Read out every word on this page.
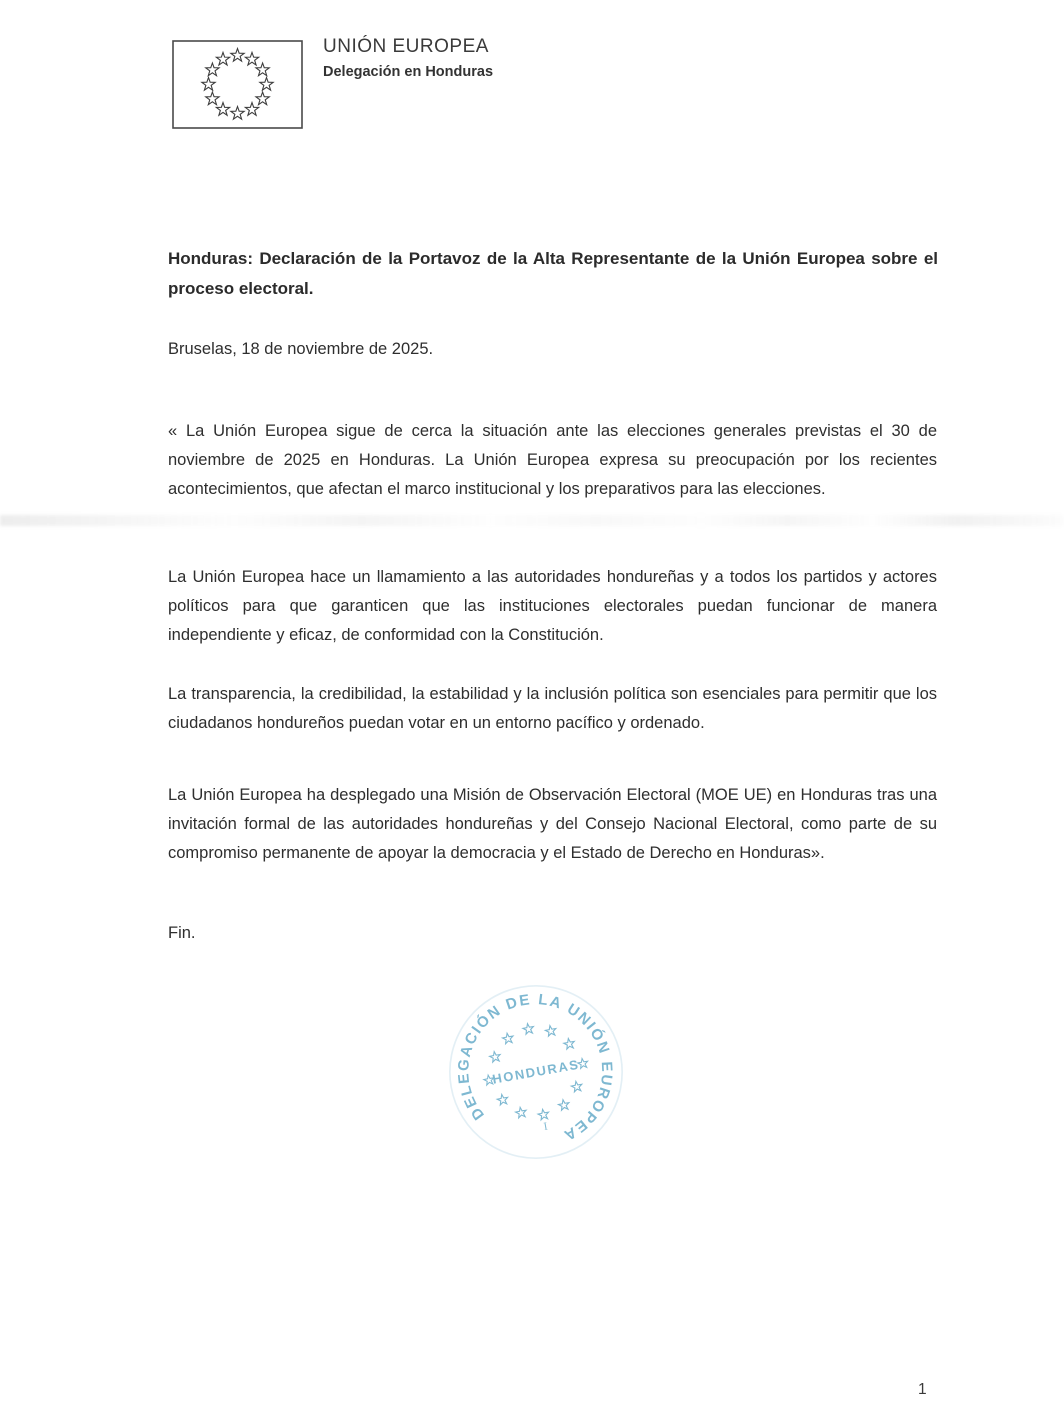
UNIÓN EUROPEA
Delegación en Honduras
Honduras: Declaración de la Portavoz de la Alta Representante de la Unión Europea sobre el proceso electoral.

Bruselas, 18 de noviembre de 2025.

« La Unión Europea sigue de cerca la situación ante las elecciones generales previstas el 30 de noviembre de 2025 en Honduras. La Unión Europea expresa su preocupación por los recientes acontecimientos, que afectan el marco institucional y los preparativos para las elecciones.

La Unión Europea hace un llamamiento a las autoridades hondureñas y a todos los partidos y actores políticos para que garanticen que las instituciones electorales puedan funcionar de manera independiente y eficaz, de conformidad con la Constitución.

La transparencia, la credibilidad, la estabilidad y la inclusión política son esenciales para permitir que los ciudadanos hondureños puedan votar en un entorno pacífico y ordenado.

La Unión Europea ha desplegado una Misión de Observación Electoral (MOE UE) en Honduras tras una invitación formal de las autoridades hondureñas y del Consejo Nacional Electoral, como parte de su compromiso permanente de apoyar la democracia y el Estado de Derecho en Honduras».

Fin.

DELEGACIÓN DE LA UNIÓN EUROPEA
HONDURAS
I
1
